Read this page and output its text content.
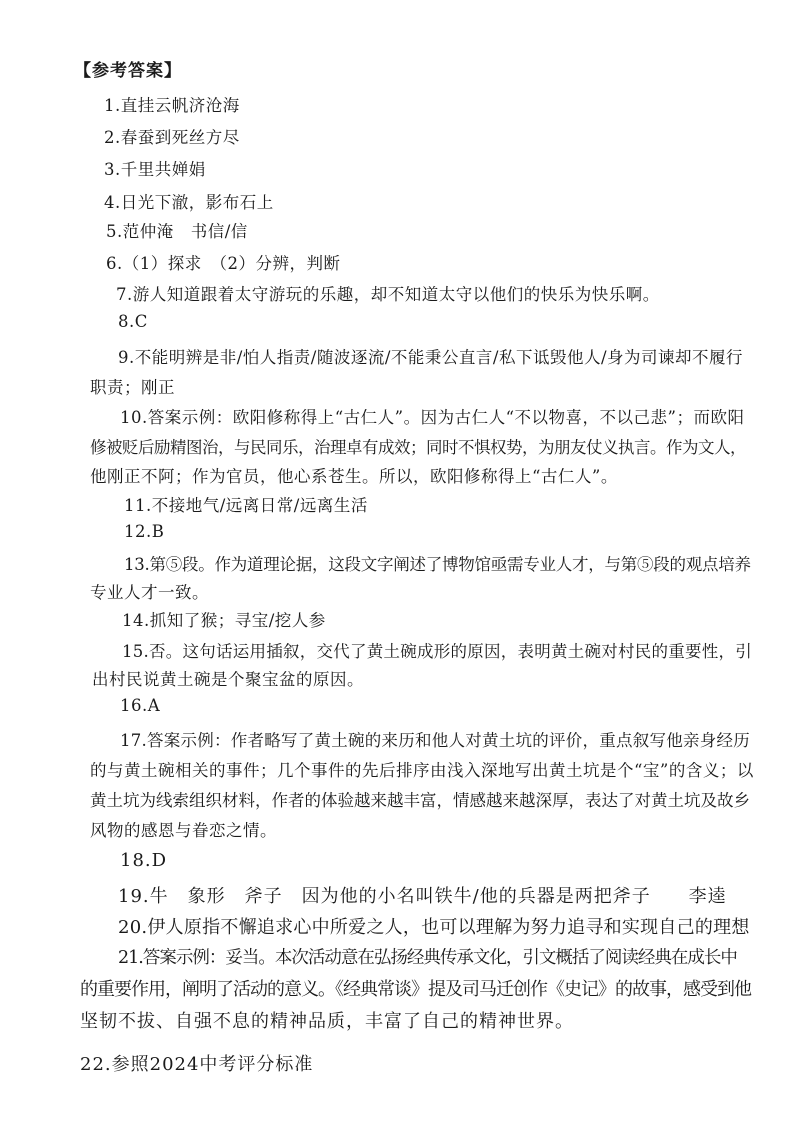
【参考答案】
1.直挂云帆济沧海
2.春蚕到死丝方尽
3.千里共婵娟
4.日光下澈，影布石上
5.范仲淹　书信/信
6.（1）探求　（2）分辨，判断
7.游人知道跟着太守游玩的乐趣，却不知道太守以他们的快乐为快乐啊。
8.C
9.不能明辨是非/怕人指责/随波逐流/不能秉公直言/私下诋毁他人/身为司谏却不履行
职责；刚正
10.答案示例：欧阳修称得上“古仁人”。因为古仁人“不以物喜，不以己悲”；而欧阳
修被贬后励精图治，与民同乐，治理卓有成效；同时不惧权势，为朋友仗义执言。作为文人，
他刚正不阿；作为官员，他心系苍生。所以，欧阳修称得上“古仁人”。
11.不接地气/远离日常/远离生活
12.B
13.第⑤段。作为道理论据，这段文字阐述了博物馆亟需专业人才，与第⑤段的观点培养
专业人才一致。
14.抓知了猴；寻宝/挖人参
15.否。这句话运用插叙，交代了黄土碗成形的原因，表明黄土碗对村民的重要性，引
出村民说黄土碗是个聚宝盆的原因。
16.A
17.答案示例：作者略写了黄土碗的来历和他人对黄土坑的评价，重点叙写他亲身经历
的与黄土碗相关的事件；几个事件的先后排序由浅入深地写出黄土坑是个“宝”的含义；以
黄土坑为线索组织材料，作者的体验越来越丰富，情感越来越深厚，表达了对黄土坑及故乡
风物的感恩与眷恋之情。
18.D
19.牛　象形　斧子　因为他的小名叫铁牛/他的兵器是两把斧子　　李逵
20.伊人原指不懈追求心中所爱之人，也可以理解为努力追寻和实现自己的理想
21.答案示例：妥当。本次活动意在弘扬经典传承文化，引文概括了阅读经典在成长中
的重要作用，阐明了活动的意义。《经典常谈》提及司马迁创作《史记》的故事，感受到他
坚韧不拔、自强不息的精神品质，丰富了自己的精神世界。
22.参照2024中考评分标准
